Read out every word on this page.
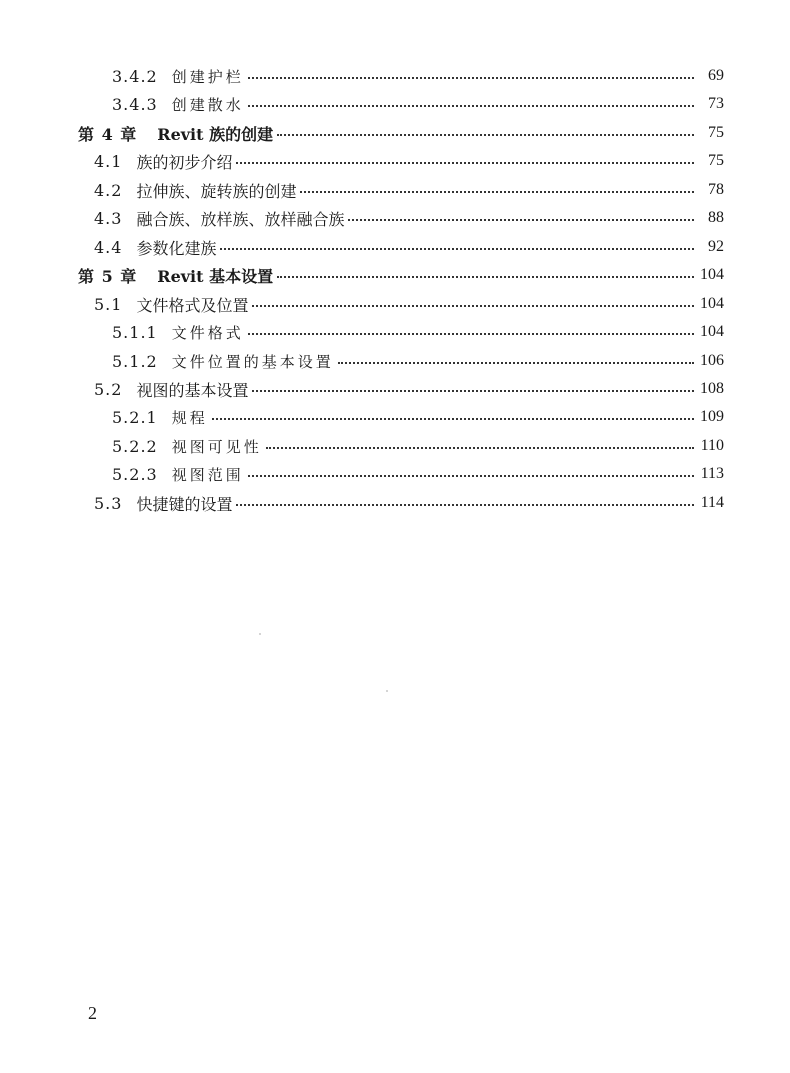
3.4.2 创建护栏	69
3.4.3 创建散水	73
第 4 章 Revit 族的创建	75
4.1 族的初步介绍	75
4.2 拉伸族、旋转族的创建	78
4.3 融合族、放样族、放样融合族	88
4.4 参数化建族	92
第 5 章 Revit 基本设置	104
5.1 文件格式及位置	104
5.1.1 文件格式	104
5.1.2 文件位置的基本设置	106
5.2 视图的基本设置	108
5.2.1 规程	109
5.2.2 视图可见性	110
5.2.3 视图范围	113
5.3 快捷键的设置	114
2
